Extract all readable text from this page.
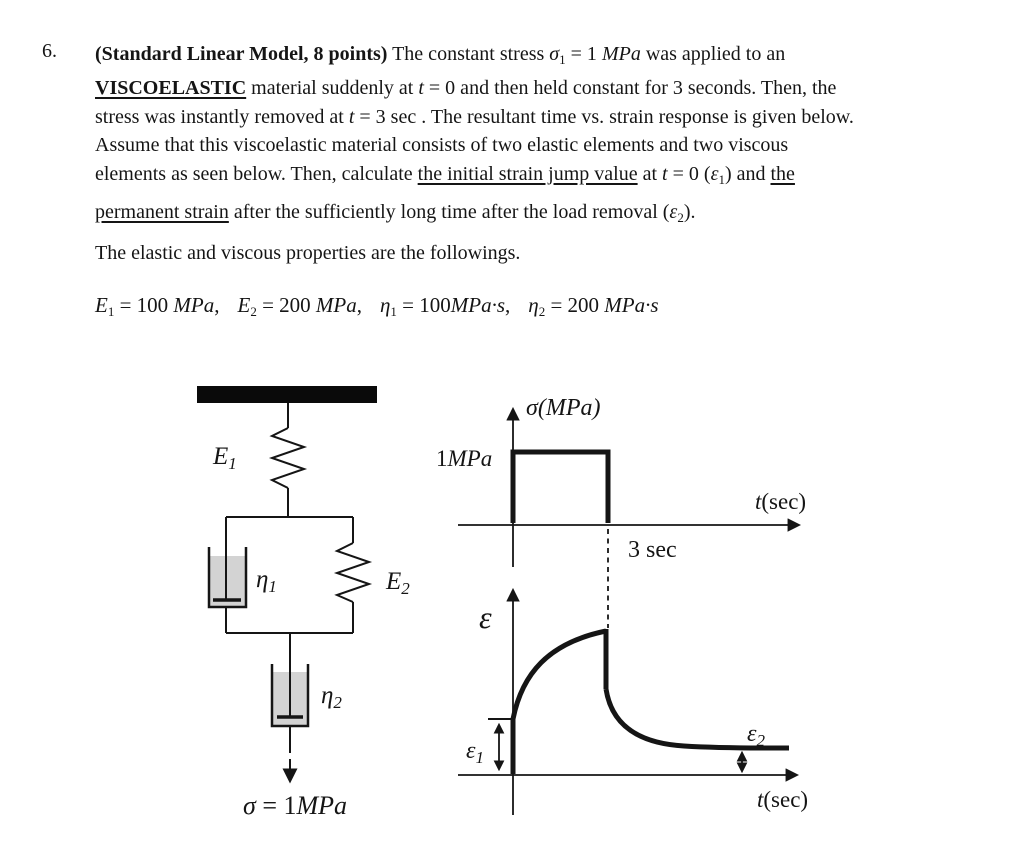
6. (Standard Linear Model, 8 points) The constant stress $\sigma_1 = 1$ MPa was applied to an
VISCOELASTIC material suddenly at t = 0 and then held constant for 3 seconds. Then, the
stress was instantly removed at t = 3 sec . The resultant time vs. strain response is given below.
Assume that this viscoelastic material consists of two elastic elements and two viscous
elements as seen below. Then, calculate the initial strain jump value at t = 0 $(\varepsilon_1)$ and the
permanent strain after the sufficiently long time after the load removal $(\varepsilon_2)$.
The elastic and viscous properties are the followings.
E1 = 100 MPa, E2 = 200 MPa, η1 = 100MPa·s, η2 = 200 MPa·s
$E_1$
$\eta_1$	$E_2$
$\eta_2$
σ = 1MPa
σ(MPa)
1MPa
t(sec)
3 sec
ε
$\varepsilon_1$
$\varepsilon_2$
t(sec)
